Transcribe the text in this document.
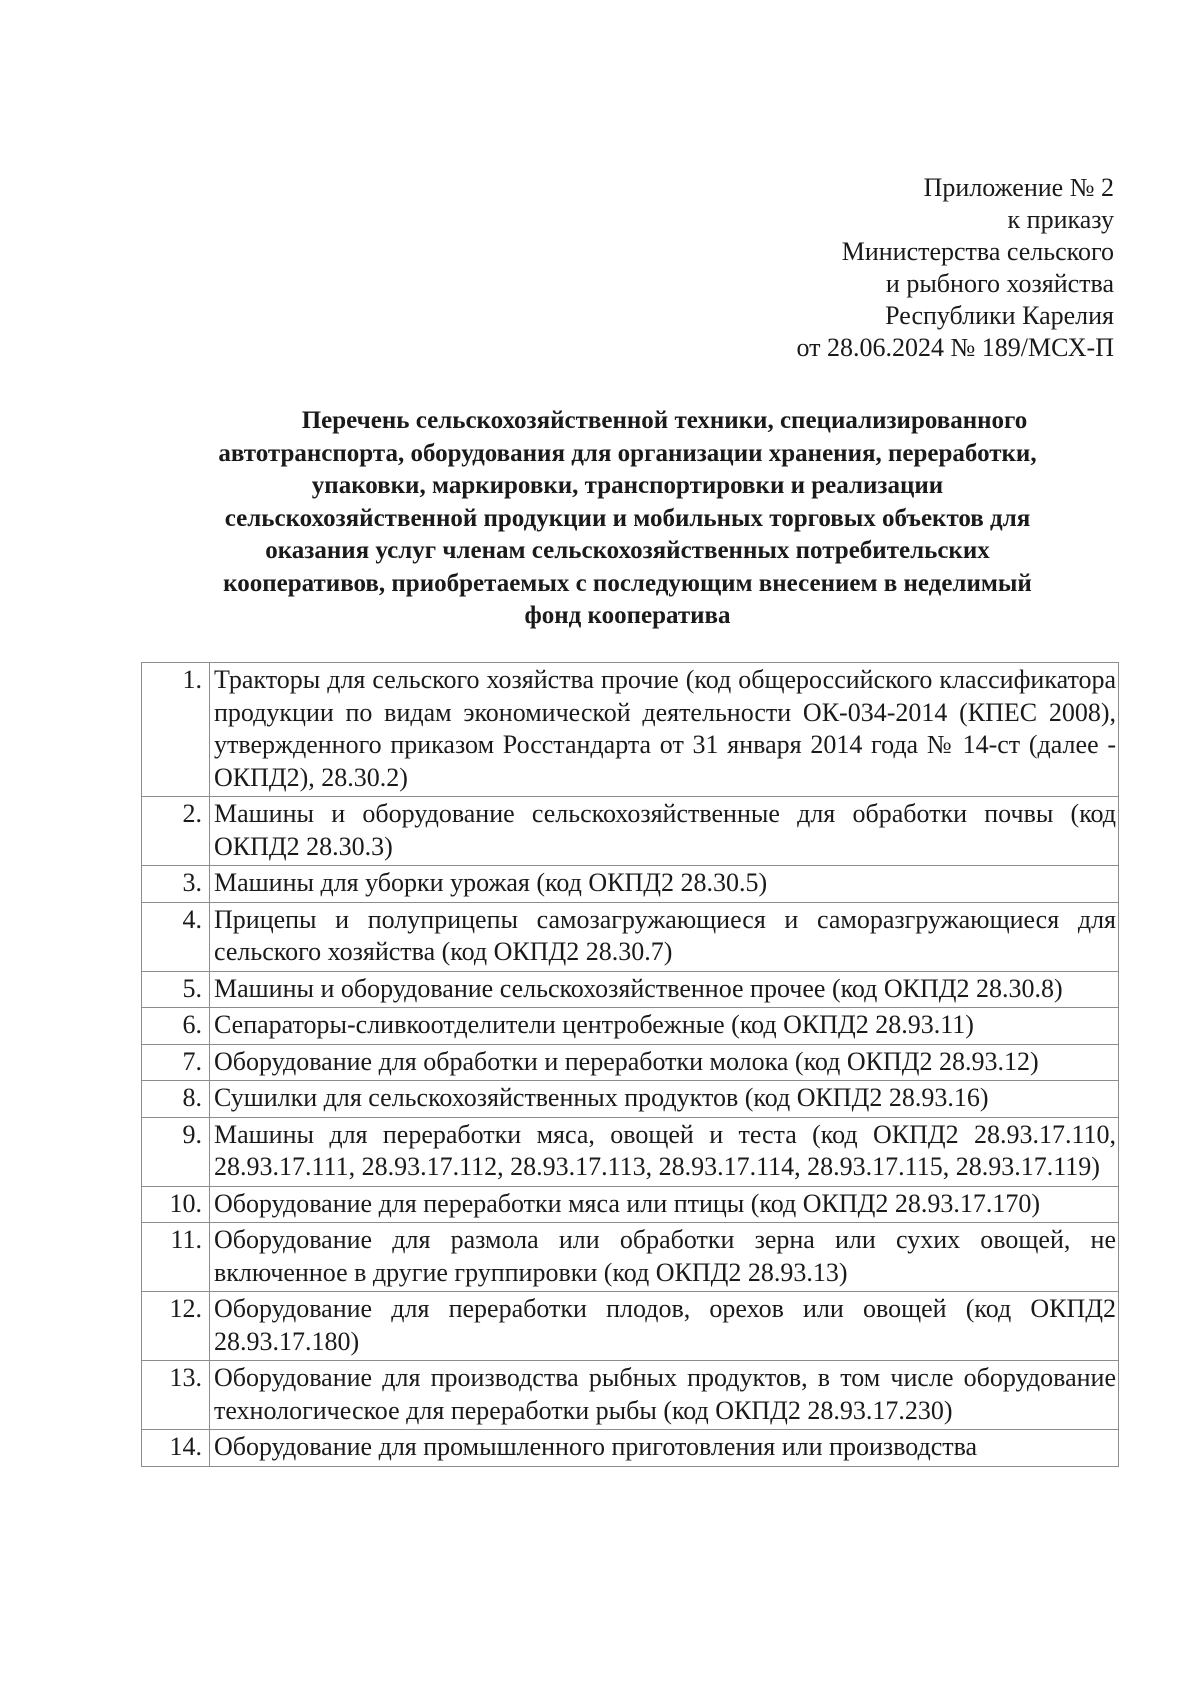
Приложение № 2
к приказу
Министерства сельского
и рыбного хозяйства
Республики Карелия
от 28.06.2024 № 189/МСХ-П
Перечень сельскохозяйственной техники, специализированного
автотранспорта, оборудования для организации хранения, переработки,
упаковки, маркировки, транспортировки и реализации
сельскохозяйственной продукции и мобильных торговых объектов для
оказания услуг членам сельскохозяйственных потребительских
кооперативов, приобретаемых с последующим внесением в неделимый
фонд кооператива
1.	Тракторы для сельского хозяйства прочие (код общероссийского классификатора продукции по видам экономической деятельности ОК-034-2014 (КПЕС 2008), утвержденного приказом Росстандарта от 31 января 2014 года № 14-ст (далее - ОКПД2), 28.30.2)
2.	Машины и оборудование сельскохозяйственные для обработки почвы (код ОКПД2 28.30.3)
3.	Машины для уборки урожая (код ОКПД2 28.30.5)
4.	Прицепы и полуприцепы самозагружающиеся и саморазгружающиеся для сельского хозяйства (код ОКПД2 28.30.7)
5.	Машины и оборудование сельскохозяйственное прочее (код ОКПД2 28.30.8)
6.	Сепараторы-сливкоотделители центробежные (код ОКПД2 28.93.11)
7.	Оборудование для обработки и переработки молока (код ОКПД2 28.93.12)
8.	Сушилки для сельскохозяйственных продуктов (код ОКПД2 28.93.16)
9.	Машины для переработки мяса, овощей и теста (код ОКПД2 28.93.17.110, 28.93.17.111, 28.93.17.112, 28.93.17.113, 28.93.17.114, 28.93.17.115, 28.93.17.119)
10.	Оборудование для переработки мяса или птицы (код ОКПД2 28.93.17.170)
11.	Оборудование для размола или обработки зерна или сухих овощей, не включенное в другие группировки (код ОКПД2 28.93.13)
12.	Оборудование для переработки плодов, орехов или овощей (код ОКПД2 28.93.17.180)
13.	Оборудование для производства рыбных продуктов, в том числе оборудование технологическое для переработки рыбы (код ОКПД2 28.93.17.230)
14.	Оборудование для промышленного приготовления или производства
